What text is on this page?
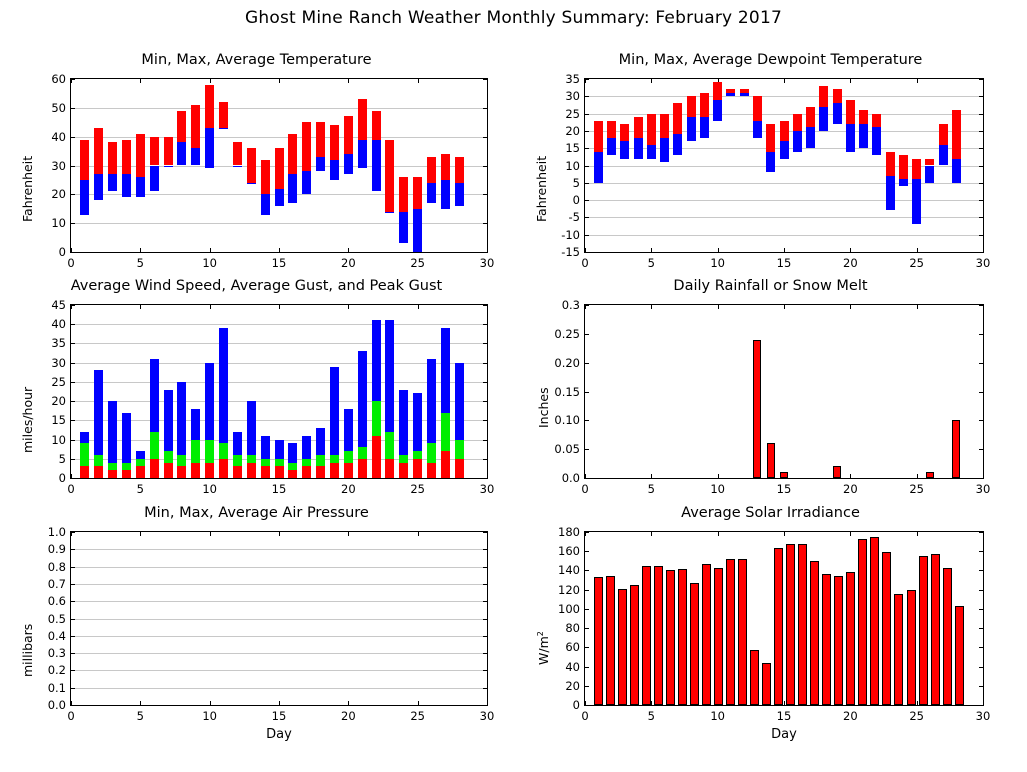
Ghost Mine Ranch Weather Monthly Summary: February 2017
Min, Max, Average Temperature
0
10
20
30
40
50
60
0	5	10	15	20	25	30
Fahrenheit
Min, Max, Average Dewpoint Temperature
-15
-10
-5
0
5
10
15
20
25
30
35
0	5	10	15	20	25	30
Fahrenheit
Average Wind Speed, Average Gust, and Peak Gust
0
5
10
15
20
25
30
35
40
45
0	5	10	15	20	25	30
miles/hour
Daily Rainfall or Snow Melt
0.0
0.05
0.10
0.15
0.20
0.25
0.3
0	5	10	15	20	25	30
Inches
Min, Max, Average Air Pressure
0.0
0.1
0.2
0.3
0.4
0.5
0.6
0.7
0.8
0.9
1.0
0	5	10	15	20	25	30
millibars
Day
Average Solar Irradiance
0
20
40
60
80
100
120
140
160
180
0	5	10	15	20	25	30
$W/m^2$
Day
